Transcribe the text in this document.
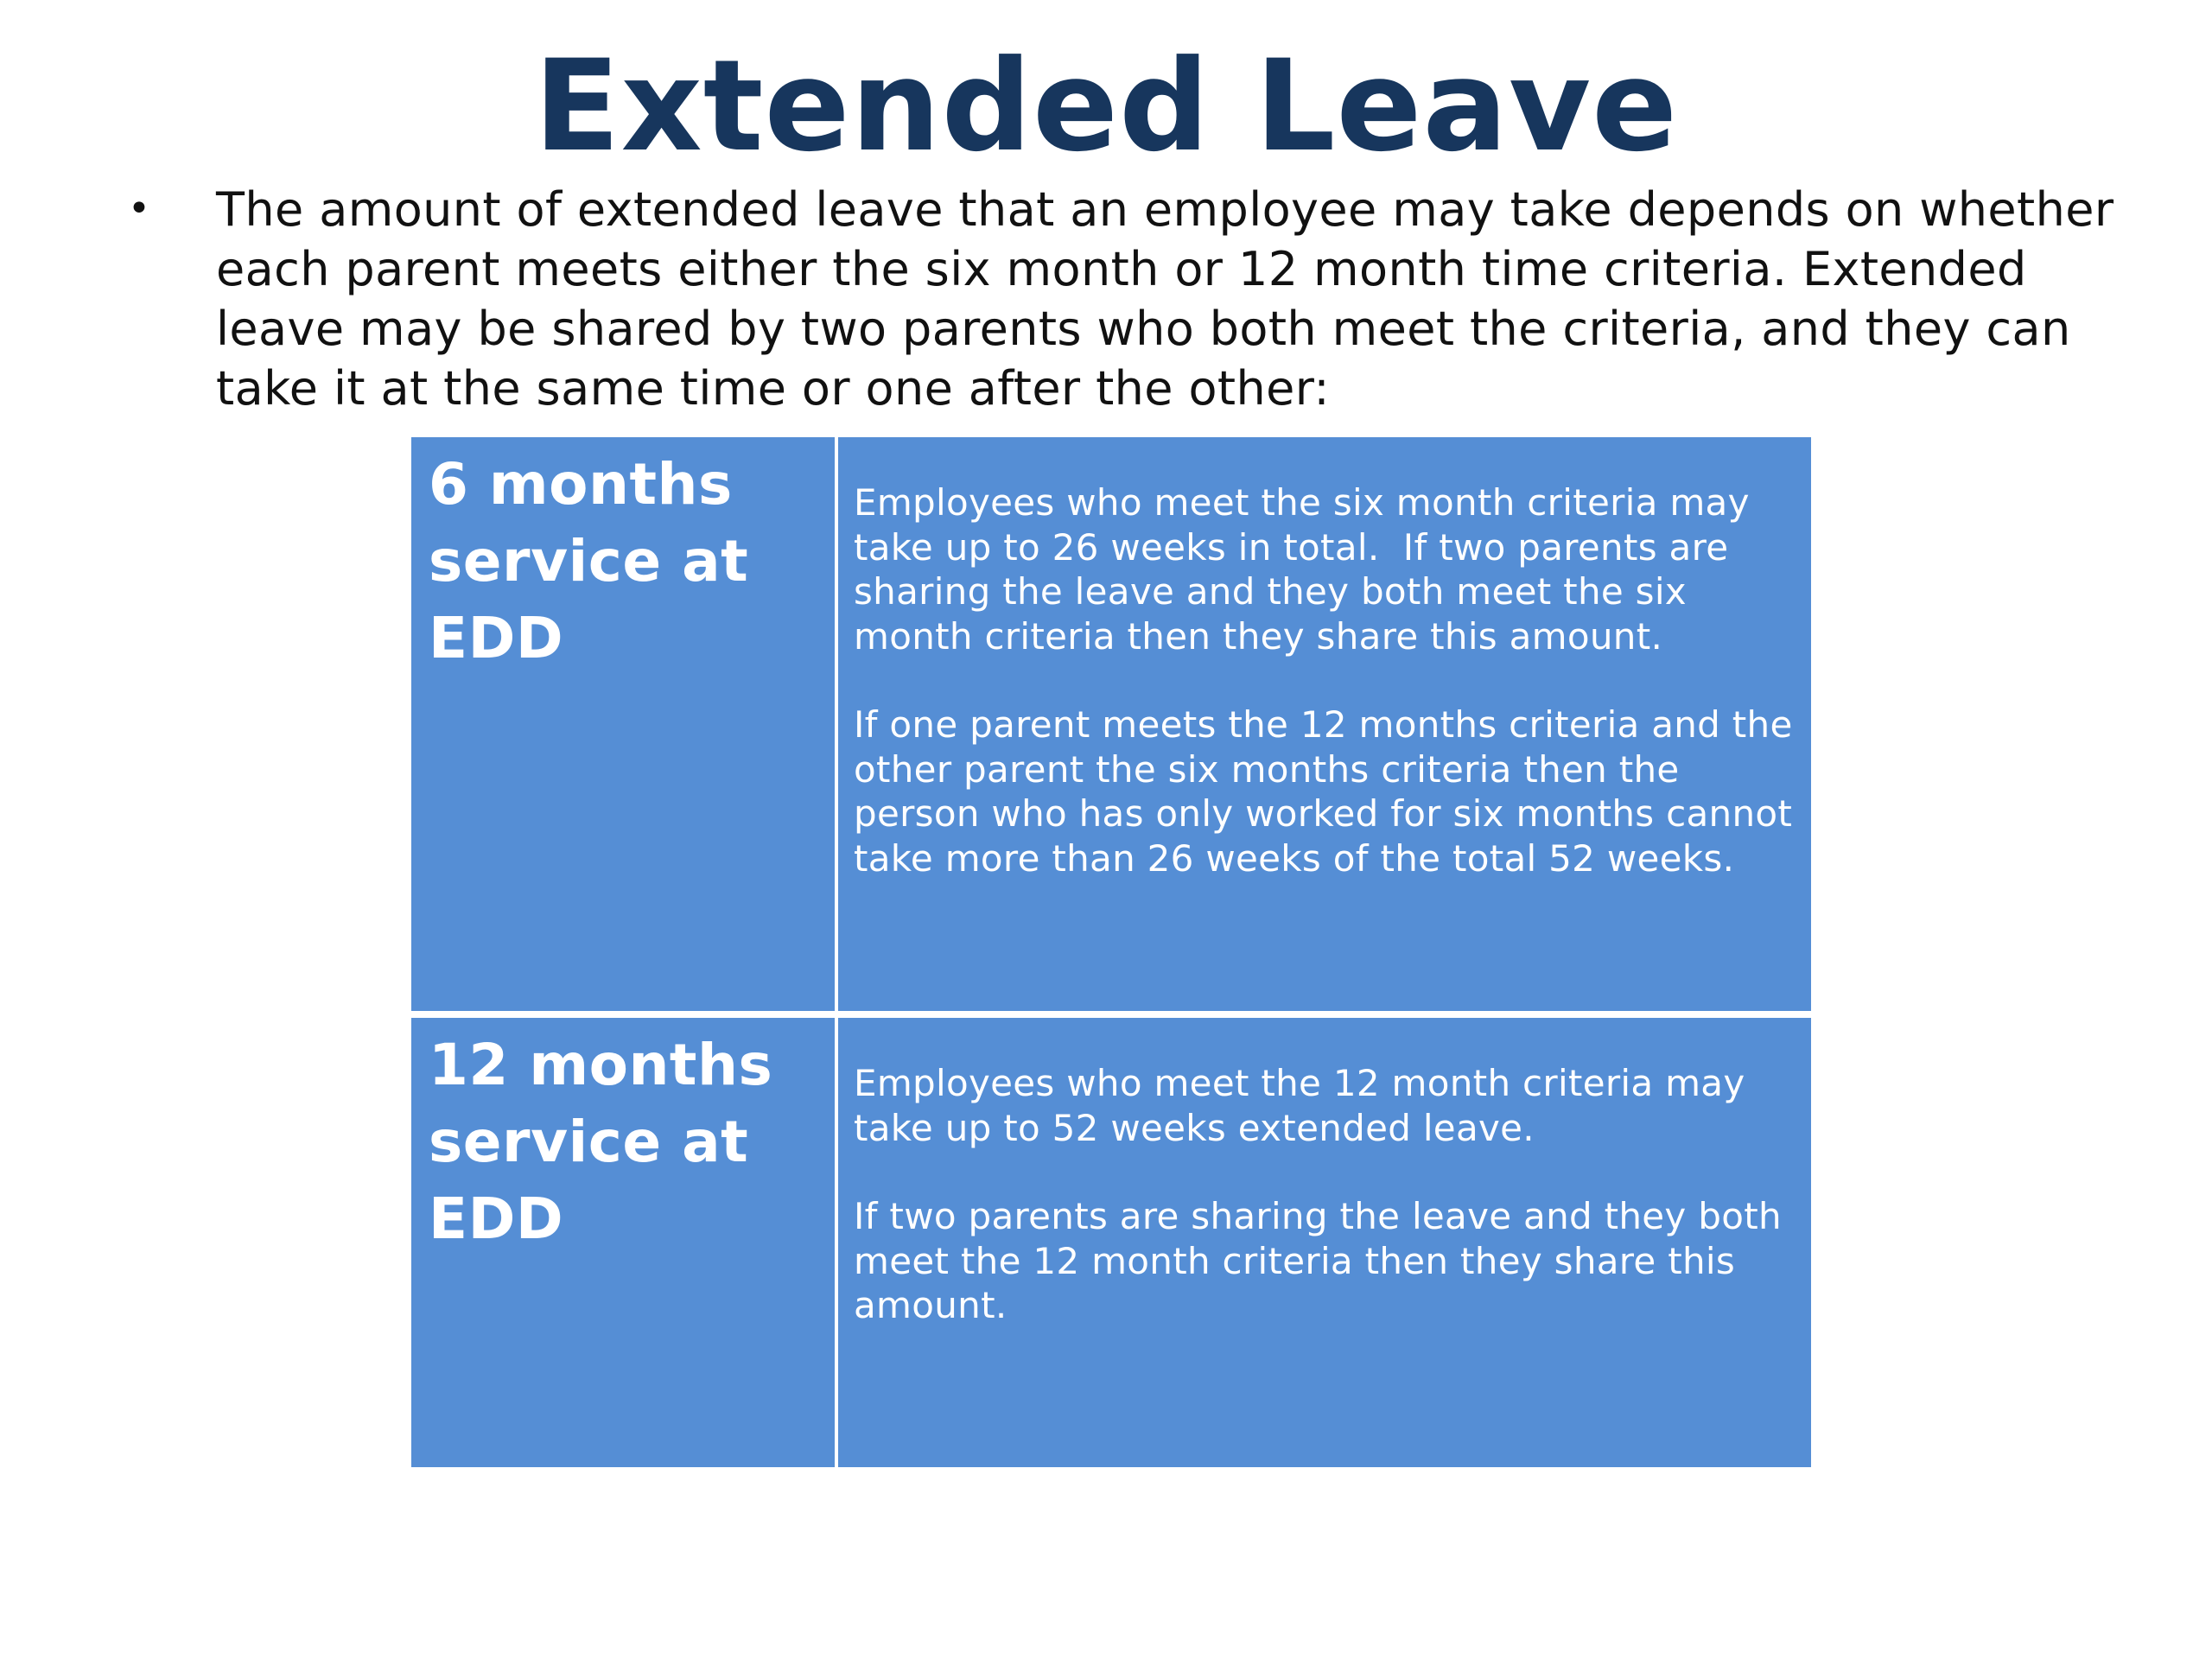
Extended Leave
•	The amount of extended leave that an employee may take depends on whether each parent meets either the six month or 12 month time criteria. Extended leave may be shared by two parents who both meet the criteria, and they can take it at the same time or one after the other:

6 months service at EDD

Employees who meet the six month criteria may take up to 26 weeks in total.  If two parents are sharing the leave and they both meet the six month criteria then they share this amount.

If one parent meets the 12 months criteria and the other parent the six months criteria then the person who has only worked for six months cannot take more than 26 weeks of the total 52 weeks.

12 months service at EDD

Employees who meet the 12 month criteria may take up to 52 weeks extended leave.

If two parents are sharing the leave and they both meet the 12 month criteria then they share this amount.
